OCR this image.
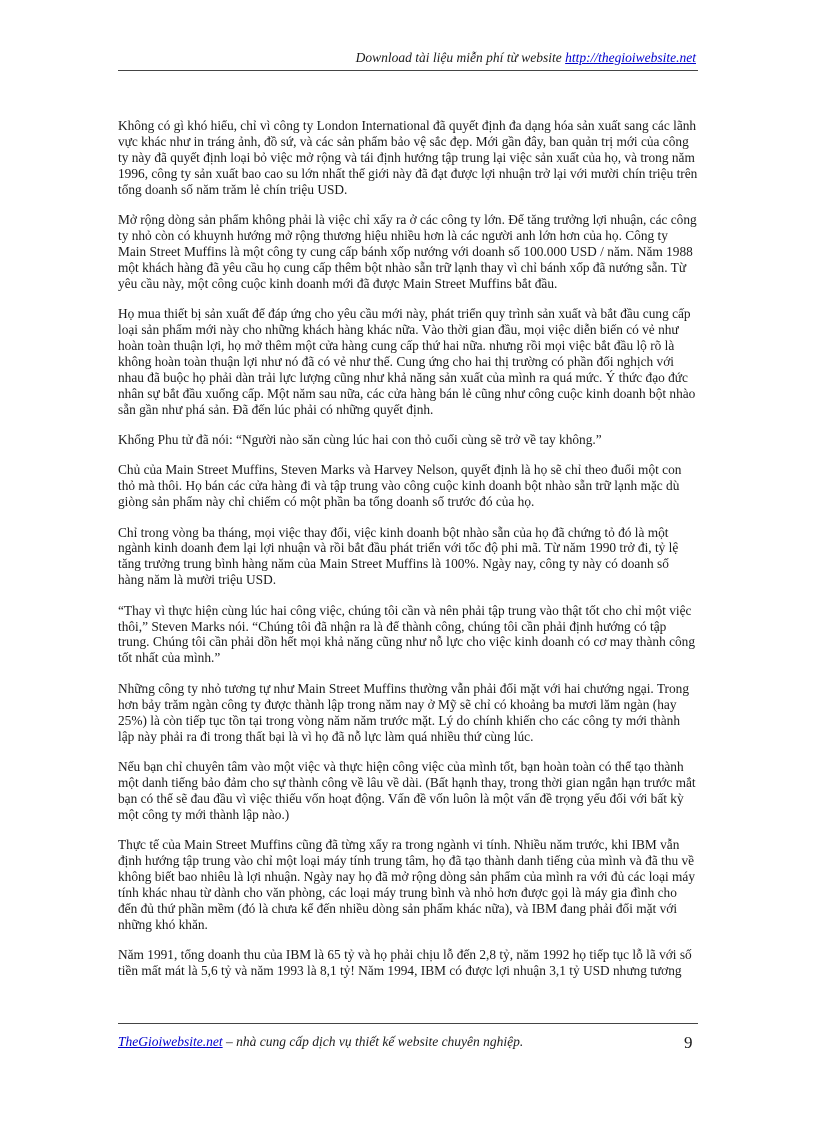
Download tài liệu miễn phí từ website http://thegioiwebsite.net

Không có gì khó hiểu, chỉ vì công ty London International đã quyết định đa dạng hóa sản xuất sang các lãnh vực khác như in tráng ảnh, đồ sứ, và các sản phẩm bảo vệ sắc đẹp. Mới gần đây, ban quản trị mới của công ty này đã quyết định loại bỏ việc mở rộng và tái định hướng tập trung lại việc sản xuất của họ, và trong năm 1996, công ty sản xuất bao cao su lớn nhất thế giới này đã đạt được lợi nhuận trở lại với mười chín triệu trên tổng doanh số năm trăm lẻ chín triệu USD.

Mở rộng dòng sản phẩm không phải là việc chỉ xẩy ra ở các công ty lớn. Để tăng trưởng lợi nhuận, các công ty nhỏ còn có khuynh hướng mở rộng thương hiệu nhiều hơn là các người anh lớn hơn của họ. Công ty Main Street Muffins là một công ty cung cấp bánh xốp nướng với doanh số 100.000 USD / năm. Năm 1988 một khách hàng đã yêu cầu họ cung cấp thêm bột nhào sẵn trữ lạnh thay vì chỉ bánh xốp đã nướng sẵn. Từ yêu cầu này, một công cuộc kinh doanh mới đã được Main Street Muffins bắt đầu.

Họ mua thiết bị sản xuất để đáp ứng cho yêu cầu mới này, phát triển quy trình sản xuất và bắt đầu cung cấp loại sản phẩm mới này cho những khách hàng khác nữa. Vào thời gian đầu, mọi việc diễn biến có vẻ như hoàn toàn thuận lợi, họ mở thêm một cửa hàng cung cấp thứ hai nữa. nhưng rồi mọi việc bắt đầu lộ rõ là không hoàn toàn thuận lợi như nó đã có vẻ như thế. Cung ứng cho hai thị trường có phần đối nghịch với nhau đã buộc họ phải dàn trải lực lượng cũng như khả năng sản xuất của mình ra quá mức. Ý thức đạo đức nhân sự bắt đầu xuống cấp. Một năm sau nữa, các cửa hàng bán lẻ cũng như công cuộc kinh doanh bột nhào sẵn gần như phá sản. Đã đến lúc phải có những quyết định.

Khổng Phu tử đã nói: “Người nào săn cùng lúc hai con thỏ cuối cùng sẽ trở về tay không.”

Chủ của Main Street Muffins, Steven Marks và Harvey Nelson, quyết định là họ sẽ chỉ theo đuổi một con thỏ mà thôi. Họ bán các cửa hàng đi và tập trung vào công cuộc kinh doanh bột nhào sẵn trữ lạnh mặc dù giòng sản phẩm này chỉ chiếm có một phần ba tổng doanh số trước đó của họ.

Chỉ trong vòng ba tháng, mọi việc thay đổi, việc kinh doanh bột nhào sẵn của họ đã chứng tỏ đó là một ngành kinh doanh đem lại lợi nhuận và rồi bắt đầu phát triển với tốc độ phi mã. Từ năm 1990 trở đi, tỷ lệ tăng trưởng trung bình hàng năm của Main Street Muffins là 100%. Ngày nay, công ty này có doanh số hàng năm là mười triệu USD.

“Thay vì thực hiện cùng lúc hai công việc, chúng tôi cần và nên phải tập trung vào thật tốt cho chỉ một việc thôi,” Steven Marks nói. “Chúng tôi đã nhận ra là để thành công, chúng tôi cần phải định hướng có tập trung. Chúng tôi cần phải dồn hết mọi khả năng cũng như nỗ lực cho việc kinh doanh có cơ may thành công tốt nhất của mình.”

Những công ty nhỏ tương tự như Main Street Muffins thường vẫn phải đối mặt với hai chướng ngại. Trong hơn bảy trăm ngàn công ty được thành lập trong năm nay ở Mỹ sẽ chỉ có khoảng ba mươi lăm ngàn (hay 25%) là còn tiếp tục tồn tại trong vòng năm năm trước mặt. Lý do chính khiến cho các công ty mới thành lập này phải ra đi trong thất bại là vì họ đã nỗ lực làm quá nhiều thứ cùng lúc.

Nếu bạn chỉ chuyên tâm vào một việc và thực hiện công việc của mình tốt, bạn hoàn toàn có thể tạo thành một danh tiếng bảo đảm cho sự thành công về lâu về dài. (Bất hạnh thay, trong thời gian ngắn hạn trước mắt bạn có thể sẽ đau đầu vì việc thiếu vốn hoạt động. Vấn đề vốn luôn là một vấn đề trọng yếu đối với bất kỳ một công ty mới thành lập nào.)

Thực tế của Main Street Muffins cũng đã từng xẩy ra trong ngành vi tính. Nhiều năm trước, khi IBM vẫn định hướng tập trung vào chỉ một loại máy tính trung tâm, họ đã tạo thành danh tiếng của mình và đã thu về không biết bao nhiêu là lợi nhuận. Ngày nay họ đã mở rộng dòng sản phẩm của mình ra với đủ các loại máy tính khác nhau từ dành cho văn phòng, các loại máy trung bình và nhỏ hơn được gọi là máy gia đình cho đến đủ thứ phần mềm (đó là chưa kể đến nhiều dòng sản phẩm khác nữa), và IBM đang phải đối mặt với những khó khăn.

Năm 1991, tổng doanh thu của IBM là 65 tỷ và họ phải chịu lỗ đến 2,8 tỷ, năm 1992 họ tiếp tục lỗ lã với số tiền mất mát là 5,6 tỷ và năm 1993 là 8,1 tỷ! Năm 1994, IBM có được lợi nhuận 3,1 tỷ USD nhưng tương

TheGioiwebsite.net – nhà cung cấp dịch vụ thiết kế website chuyên nghiệp.	9
